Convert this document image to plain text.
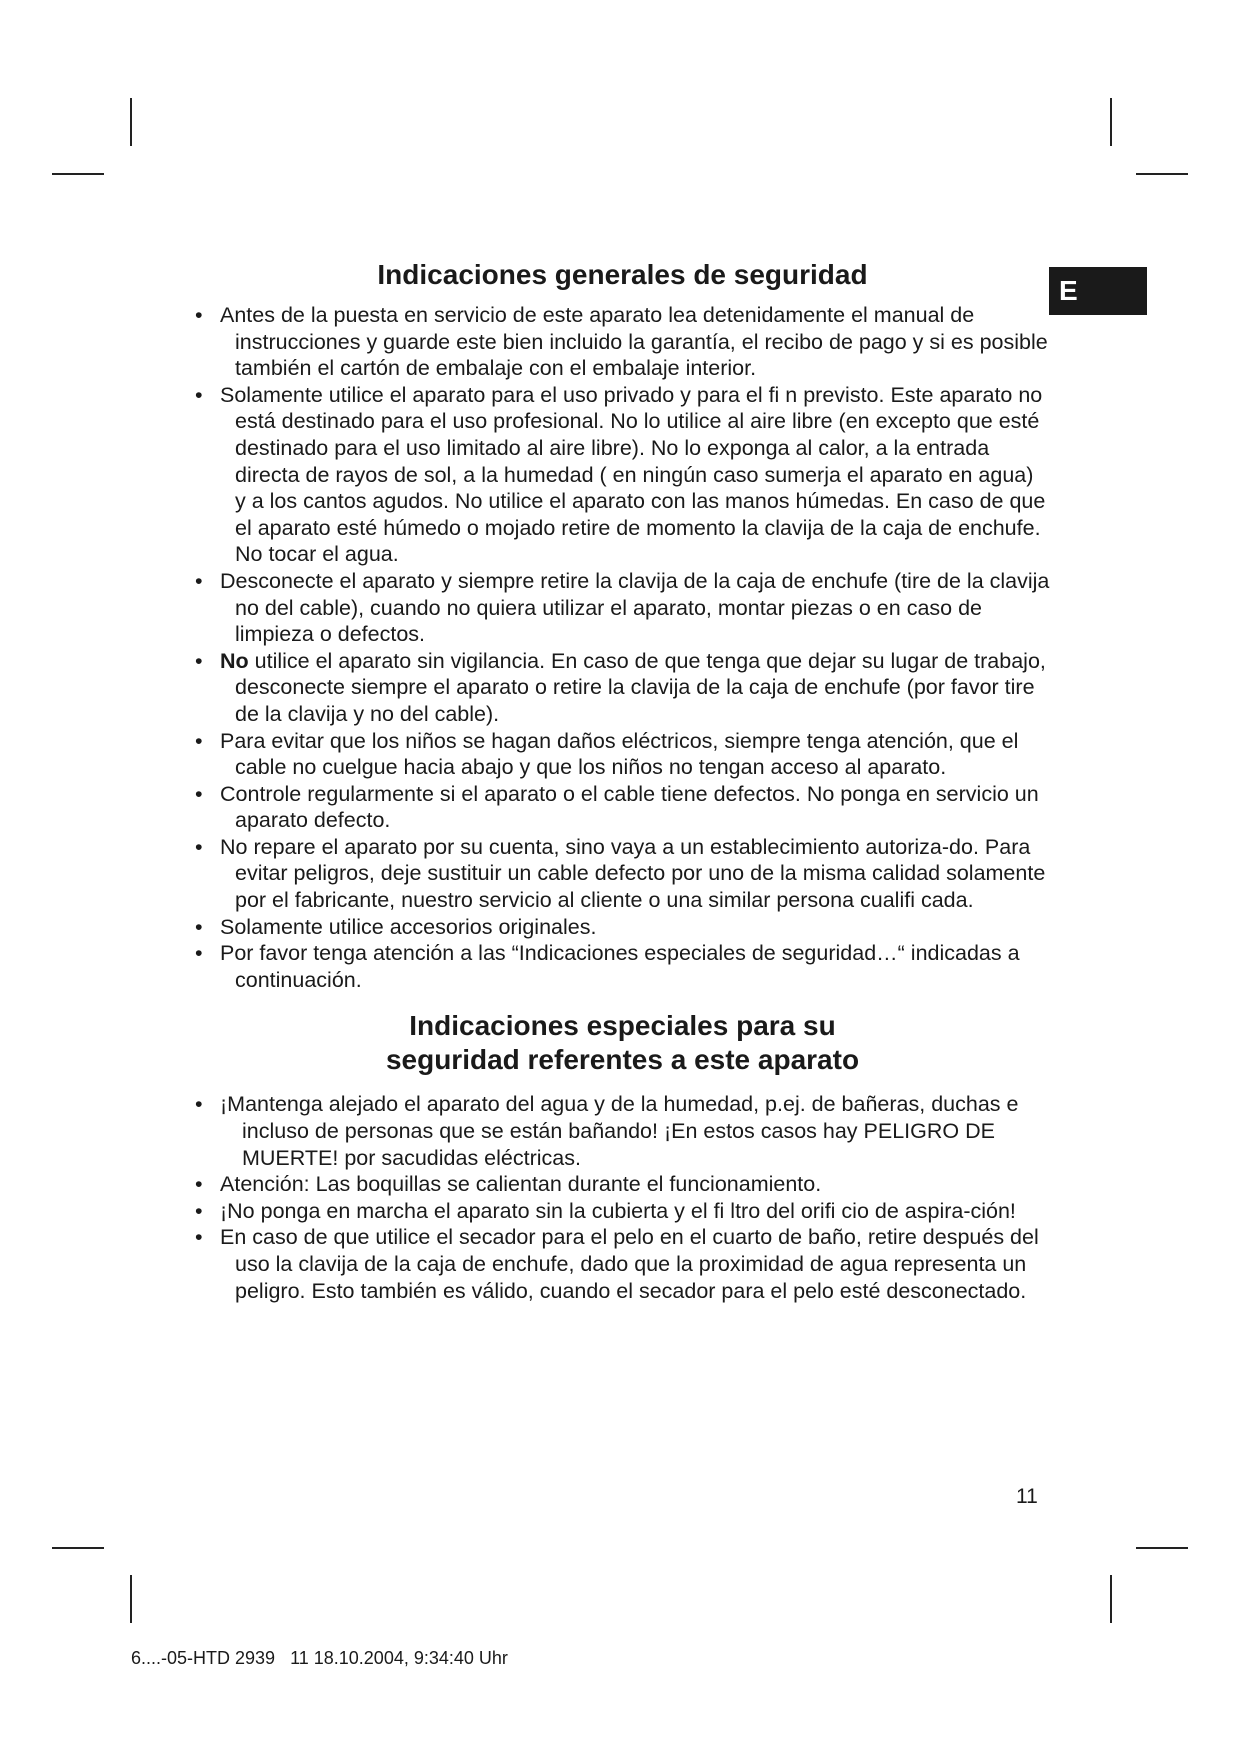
E
Indicaciones generales de seguridad
• Antes de la puesta en servicio de este aparato lea detenidamente el manual de instrucciones y guarde este bien incluido la garantía, el recibo de pago y si es posible también el cartón de embalaje con el embalaje interior.
• Solamente utilice el aparato para el uso privado y para el fi n previsto. Este aparato no está destinado para el uso profesional. No lo utilice al aire libre (en excepto que esté destinado para el uso limitado al aire libre). No lo exponga al calor, a la entrada directa de rayos de sol, a la humedad ( en ningún caso sumerja el aparato en agua) y a los cantos agudos. No utilice el aparato con las manos húmedas. En caso de que el aparato esté húmedo o mojado retire de momento la clavija de la caja de enchufe. No tocar el agua.
• Desconecte el aparato y siempre retire la clavija de la caja de enchufe (tire de la clavija no del cable), cuando no quiera utilizar el aparato, montar piezas o en caso de limpieza o defectos.
• No utilice el aparato sin vigilancia. En caso de que tenga que dejar su lugar de trabajo, desconecte siempre el aparato o retire la clavija de la caja de enchufe (por favor tire de la clavija y no del cable).
• Para evitar que los niños se hagan daños eléctricos, siempre tenga atención, que el cable no cuelgue hacia abajo y que los niños no tengan acceso al aparato.
• Controle regularmente si el aparato o el cable tiene defectos. No ponga en servicio un aparato defecto.
• No repare el aparato por su cuenta, sino vaya a un establecimiento autoriza-do. Para evitar peligros, deje sustituir un cable defecto por uno de la misma calidad solamente por el fabricante, nuestro servicio al cliente o una similar persona cualifi cada.
• Solamente utilice accesorios originales.
• Por favor tenga atención a las “Indicaciones especiales de seguridad…“ indicadas a continuación.
Indicaciones especiales para su
seguridad referentes a este aparato
• ¡Mantenga alejado el aparato del agua y de la humedad, p.ej. de bañeras, duchas e incluso de personas que se están bañando! ¡En estos casos hay PELIGRO DE MUERTE! por sacudidas eléctricas.
• Atención: Las boquillas se calientan durante el funcionamiento.
• ¡No ponga en marcha el aparato sin la cubierta y el fi ltro del orifi cio de aspira-ción!
• En caso de que utilice el secador para el pelo en el cuarto de baño, retire después del uso la clavija de la caja de enchufe, dado que la proximidad de agua representa un peligro. Esto también es válido, cuando el secador para el pelo esté desconectado.
11
6....-05-HTD 2939   11 18.10.2004, 9:34:40 Uhr
